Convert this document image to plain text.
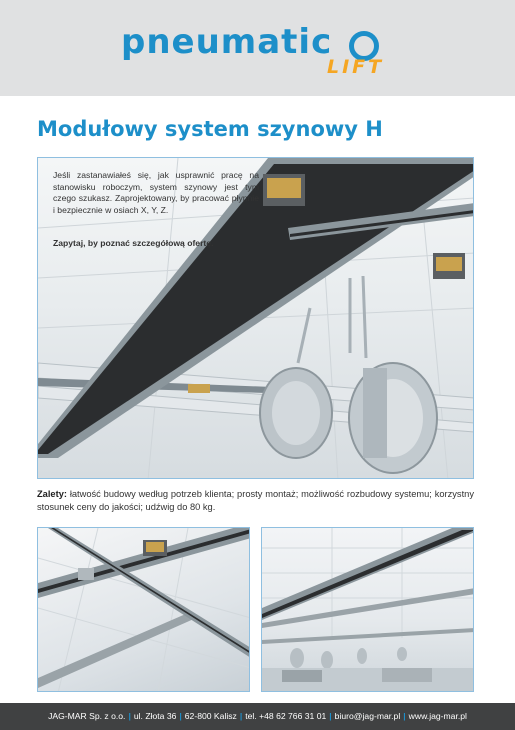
pneumatic
LIFT
Modułowy system szynowy H

Jeśli zastanawiałeś się, jak usprawnić pracę na stanowisku roboczym, system szynowy jest tym czego szukasz. Zaprojektowany, by pracować płynnie i bezpiecznie w osiach X, Y, Z.

Zapytaj, by poznać szczegółową ofertę.

Zalety: łatwość budowy według potrzeb klienta; prosty montaż; możliwość rozbudowy systemu; korzystny stosunek ceny do jakości; udźwig do 80 kg.

JAG-MAR Sp. z o.o. | ul. Złota 36 | 62-800 Kalisz | tel. +48 62 766 31 01 | biuro@jag-mar.pl | www.jag-mar.pl
